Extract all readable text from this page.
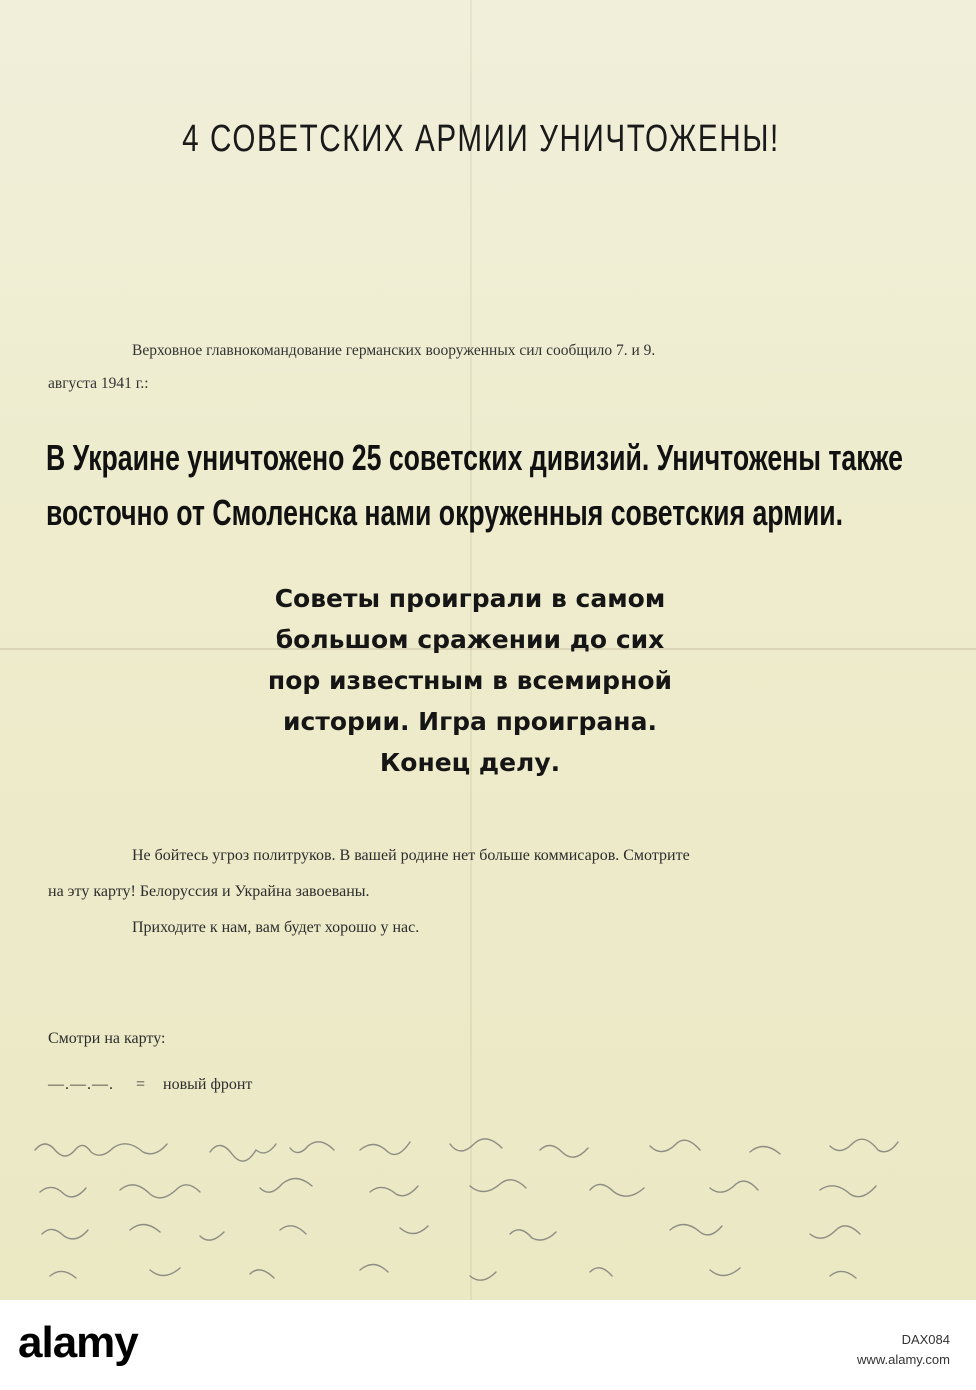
4 СОВЕТСКИХ АРМИИ УНИЧТОЖЕНЫ!

Верховное главнокомандование германских вооруженных сил сообщило 7. и 9.

августа 1941 г.:

В Украине уничтожено 25 советских дивизий. Уничтожены также

восточно от Смоленска нами окруженныя советския армии.

Советы проиграли в самом

большом сражении до сих

пор известным в всемирной

истории. Игра проиграна.

Конец делу.

Не бойтесь угроз политруков. В вашей родине нет больше коммисаров. Смотрите

на эту карту! Белоруссия и Украйна завоеваны.

Приходите к нам, вам будет хорошо у нас.

Смотри на карту:
—.—.—. = новый фронт
alamy	DAX084
www.alamy.com
